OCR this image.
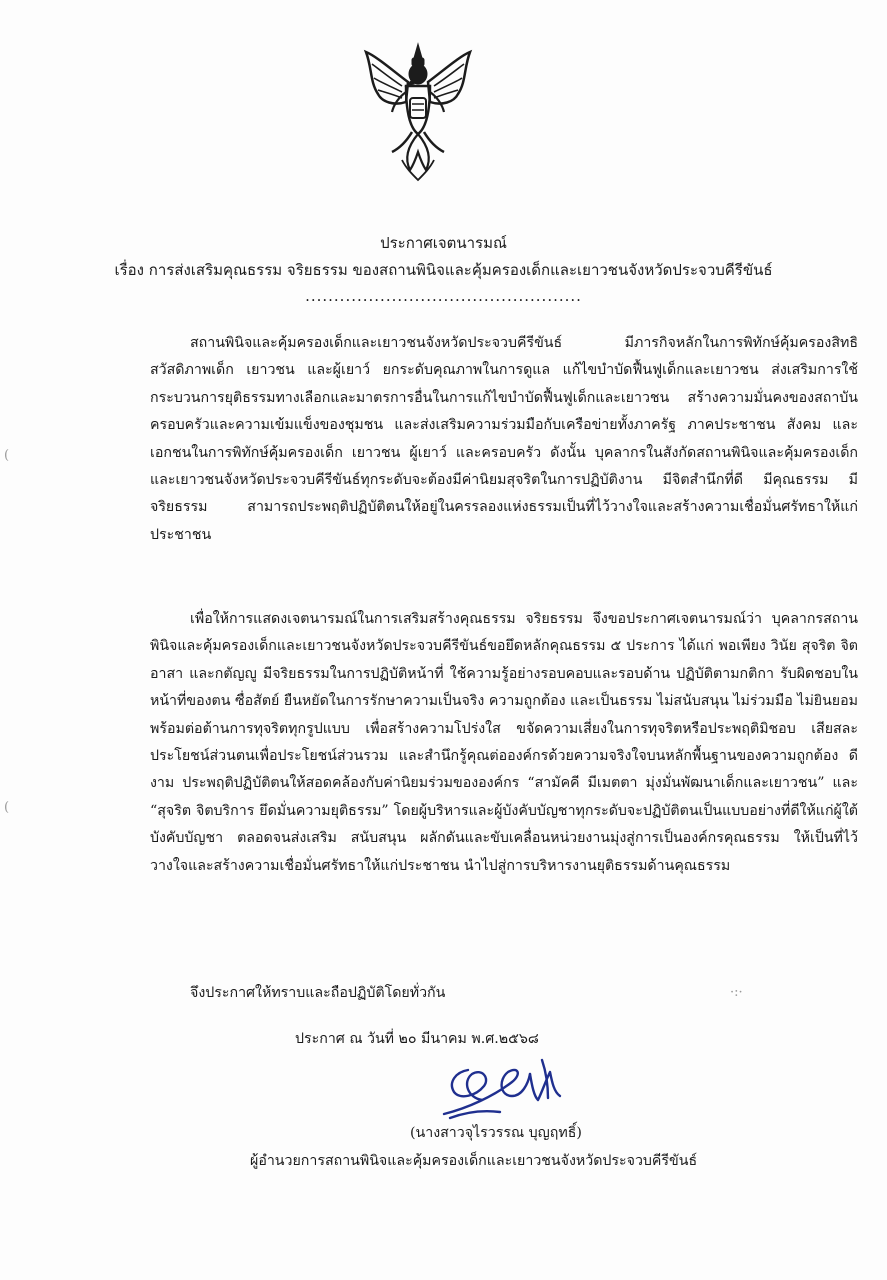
ประกาศเจตนารมณ์
เรื่อง การส่งเสริมคุณธรรม จริยธรรม ของสถานพินิจและคุ้มครองเด็กและเยาวชนจังหวัดประจวบคีรีขันธ์
................................................

สถานพินิจและคุ้มครองเด็กและเยาวชนจังหวัดประจวบคีรีขันธ์ มีภารกิจหลักในการพิทักษ์คุ้มครองสิทธิ สวัสดิภาพเด็ก เยาวชน และผู้เยาว์ ยกระดับคุณภาพในการดูแล แก้ไขบำบัดฟื้นฟูเด็กและเยาวชน ส่งเสริมการใช้กระบวนการยุติธรรมทางเลือกและมาตรการอื่นในการแก้ไขบำบัดฟื้นฟูเด็กและเยาวชน สร้างความมั่นคงของสถาบันครอบครัวและความเข้มแข็งของชุมชน และส่งเสริมความร่วมมือกับเครือข่ายทั้งภาครัฐ ภาคประชาชน สังคม และเอกชนในการพิทักษ์คุ้มครองเด็ก เยาวชน ผู้เยาว์ และครอบครัว ดังนั้น บุคลากรในสังกัดสถานพินิจและคุ้มครองเด็กและเยาวชนจังหวัดประจวบคีรีขันธ์ทุกระดับจะต้องมีค่านิยมสุจริตในการปฏิบัติงาน มีจิตสำนึกที่ดี มีคุณธรรม มีจริยธรรม สามารถประพฤติปฏิบัติตนให้อยู่ในครรลองแห่งธรรมเป็นที่ไว้วางใจและสร้างความเชื่อมั่นศรัทธาให้แก่ประชาชน

เพื่อให้การแสดงเจตนารมณ์ในการเสริมสร้างคุณธรรม จริยธรรม จึงขอประกาศเจตนารมณ์ว่า บุคลากรสถานพินิจและคุ้มครองเด็กและเยาวชนจังหวัดประจวบคีรีขันธ์ขอยึดหลักคุณธรรม ๕ ประการ ได้แก่ พอเพียง วินัย สุจริต จิตอาสา และกตัญญู มีจริยธรรมในการปฏิบัติหน้าที่ ใช้ความรู้อย่างรอบคอบและรอบด้าน ปฏิบัติตามกติกา รับผิดชอบในหน้าที่ของตน ซื่อสัตย์ ยืนหยัดในการรักษาความเป็นจริง ความถูกต้อง และเป็นธรรม ไม่สนับสนุน ไม่ร่วมมือ ไม่ยินยอม พร้อมต่อต้านการทุจริตทุกรูปแบบ เพื่อสร้างความโปร่งใส ขจัดความเสี่ยงในการทุจริตหรือประพฤติมิชอบ เสียสละประโยชน์ส่วนตนเพื่อประโยชน์ส่วนรวม และสำนึกรู้คุณต่อองค์กรด้วยความจริงใจบนหลักพื้นฐานของความถูกต้อง ดีงาม ประพฤติปฏิบัติตนให้สอดคล้องกับค่านิยมร่วมขององค์กร “สามัคคี มีเมตตา มุ่งมั่นพัฒนาเด็กและเยาวชน” และ “สุจริต จิตบริการ ยึดมั่นความยุติธรรม” โดยผู้บริหารและผู้บังคับบัญชาทุกระดับจะปฏิบัติตนเป็นแบบอย่างที่ดีให้แก่ผู้ใต้บังคับบัญชา ตลอดจนส่งเสริม สนับสนุน ผลักดันและขับเคลื่อนหน่วยงานมุ่งสู่การเป็นองค์กรคุณธรรม ให้เป็นที่ไว้วางใจและสร้างความเชื่อมั่นศรัทธาให้แก่ประชาชน นำไปสู่การบริหารงานยุติธรรมด้านคุณธรรม

จึงประกาศให้ทราบและถือปฏิบัติโดยทั่วกัน
ประกาศ ณ วันที่ ๒๐ มีนาคม พ.ศ.๒๕๖๘
(นางสาวจุไรวรรณ บุญฤทธิ์)
ผู้อำนวยการสถานพินิจและคุ้มครองเด็กและเยาวชนจังหวัดประจวบคีรีขันธ์
(
(
·:·
